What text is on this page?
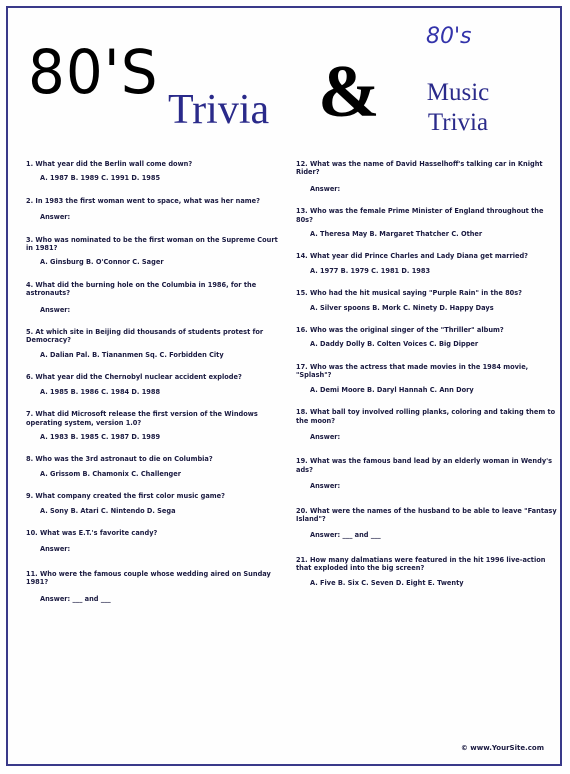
80'S
Trivia &
80's
Music Trivia

1. What year did the Berlin wall come down?

A. 1987 B. 1989 C. 1991 D. 1985

2. In 1983 the first woman went to space, what was her name?

Answer:

3. Who was nominated to be the first woman on the Supreme Court in 1981?

A. Ginsburg B. O'Connor C. Sager

4. What did the burning hole on the Columbia in 1986, for the astronauts?

Answer:

5. At which site in Beijing did thousands of students protest for Democracy?

A. Dalian Pal. B. Tiananmen Sq. C. Forbidden City

6. What year did the Chernobyl nuclear accident explode?

A. 1985 B. 1986 C. 1984 D. 1988

7. What did Microsoft release the first version of the Windows operating system, version 1.0?

A. 1983 B. 1985 C. 1987 D. 1989

8. Who was the 3rd astronaut to die on Columbia?

A. Grissom B. Chamonix C. Challenger

9. What company created the first color music game?

A. Sony B. Atari C. Nintendo D. Sega

10. What was E.T.'s favorite candy?

Answer:

11. Who were the famous couple whose wedding aired on Sunday 1981?

Answer: ___ and ___

12. What was the name of David Hasselhoff's talking car in Knight Rider?

Answer:

13. Who was the female Prime Minister of England throughout the 80s?

A. Theresa May B. Margaret Thatcher C. Other

14. What year did Prince Charles and Lady Diana get married?

A. 1977 B. 1979 C. 1981 D. 1983

15. Who had the hit musical saying "Purple Rain" in the 80s?

A. Silver spoons B. Mork C. Ninety D. Happy Days

16. Who was the original singer of the "Thriller" album?

A. Daddy Dolly B. Colten Voices C. Big Dipper

17. Who was the actress that made movies in the 1984 movie, "Splash"?

A. Demi Moore B. Daryl Hannah C. Ann Dory

18. What ball toy involved rolling planks, coloring and taking them to the moon?

Answer:

19. What was the famous band lead by an elderly woman in Wendy's ads?

Answer:

20. What were the names of the husband to be able to leave "Fantasy Island"?

Answer: ___ and ___

21. How many dalmatians were featured in the hit 1996 live-action that exploded into the big screen?

A. Five B. Six C. Seven D. Eight E. Twenty

© www.YourSite.com
